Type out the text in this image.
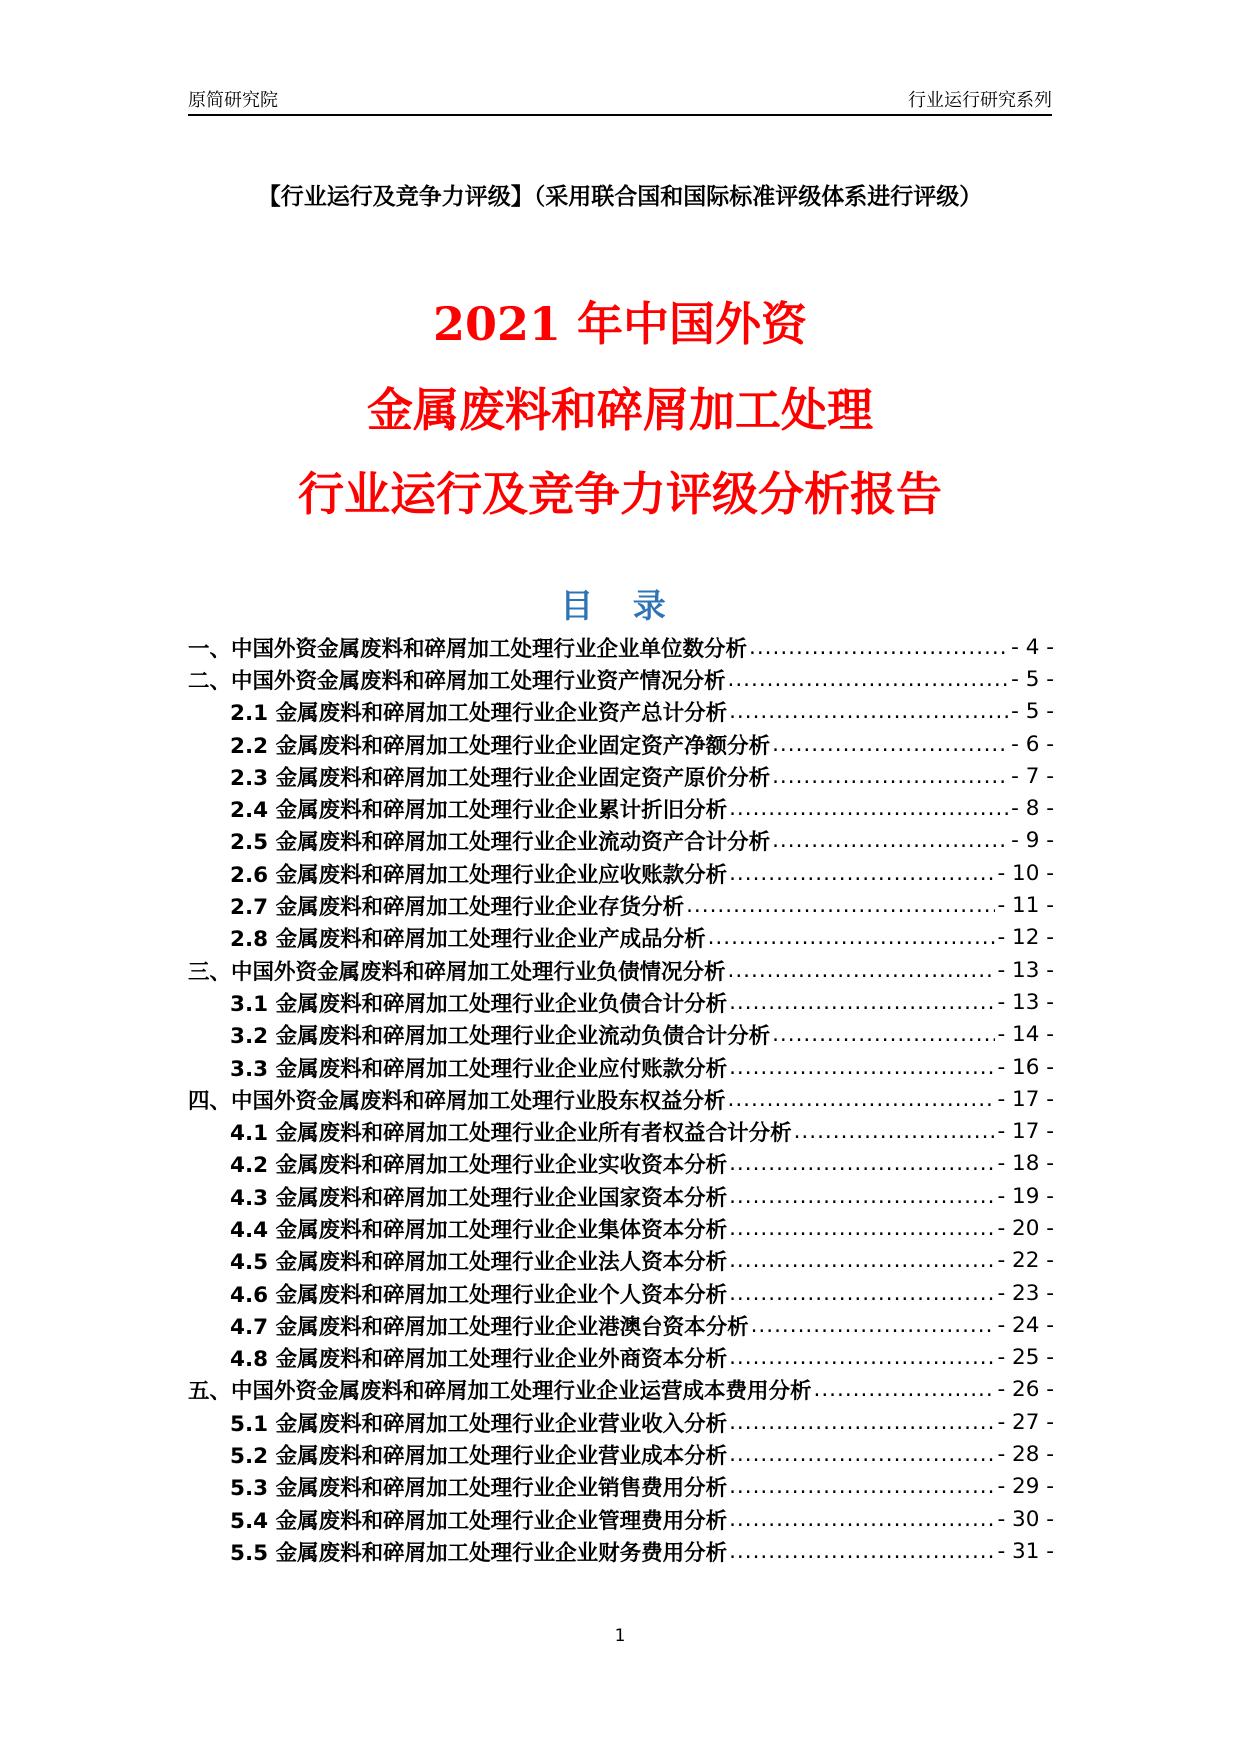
原简研究院	行业运行研究系列
【行业运行及竞争力评级】（采用联合国和国际标准评级体系进行评级）
2021 年中国外资
金属废料和碎屑加工处理
行业运行及竞争力评级分析报告
目 录
一、中国外资金属废料和碎屑加工处理行业企业单位数分析 .....	- 4 -
二、中国外资金属废料和碎屑加工处理行业资产情况分析 .....	- 5 -
2.1 金属废料和碎屑加工处理行业企业资产总计分析 .....	- 5 -
2.2 金属废料和碎屑加工处理行业企业固定资产净额分析 .....	- 6 -
2.3 金属废料和碎屑加工处理行业企业固定资产原价分析 .....	- 7 -
2.4 金属废料和碎屑加工处理行业企业累计折旧分析 .....	- 8 -
2.5 金属废料和碎屑加工处理行业企业流动资产合计分析 .....	- 9 -
2.6 金属废料和碎屑加工处理行业企业应收账款分析 .....	- 10 -
2.7 金属废料和碎屑加工处理行业企业存货分析 .....	- 11 -
2.8 金属废料和碎屑加工处理行业企业产成品分析 .....	- 12 -
三、中国外资金属废料和碎屑加工处理行业负债情况分析 .....	- 13 -
3.1 金属废料和碎屑加工处理行业企业负债合计分析 .....	- 13 -
3.2 金属废料和碎屑加工处理行业企业流动负债合计分析 .....	- 14 -
3.3 金属废料和碎屑加工处理行业企业应付账款分析 .....	- 16 -
四、中国外资金属废料和碎屑加工处理行业股东权益分析 .....	- 17 -
4.1 金属废料和碎屑加工处理行业企业所有者权益合计分析 .....	- 17 -
4.2 金属废料和碎屑加工处理行业企业实收资本分析 .....	- 18 -
4.3 金属废料和碎屑加工处理行业企业国家资本分析 .....	- 19 -
4.4 金属废料和碎屑加工处理行业企业集体资本分析 .....	- 20 -
4.5 金属废料和碎屑加工处理行业企业法人资本分析 .....	- 22 -
4.6 金属废料和碎屑加工处理行业企业个人资本分析 .....	- 23 -
4.7 金属废料和碎屑加工处理行业企业港澳台资本分析 .....	- 24 -
4.8 金属废料和碎屑加工处理行业企业外商资本分析 .....	- 25 -
五、中国外资金属废料和碎屑加工处理行业企业运营成本费用分析 .....	- 26 -
5.1 金属废料和碎屑加工处理行业企业营业收入分析 .....	- 27 -
5.2 金属废料和碎屑加工处理行业企业营业成本分析 .....	- 28 -
5.3 金属废料和碎屑加工处理行业企业销售费用分析 .....	- 29 -
5.4 金属废料和碎屑加工处理行业企业管理费用分析 .....	- 30 -
5.5 金属废料和碎屑加工处理行业企业财务费用分析 .....	- 31 -
1
